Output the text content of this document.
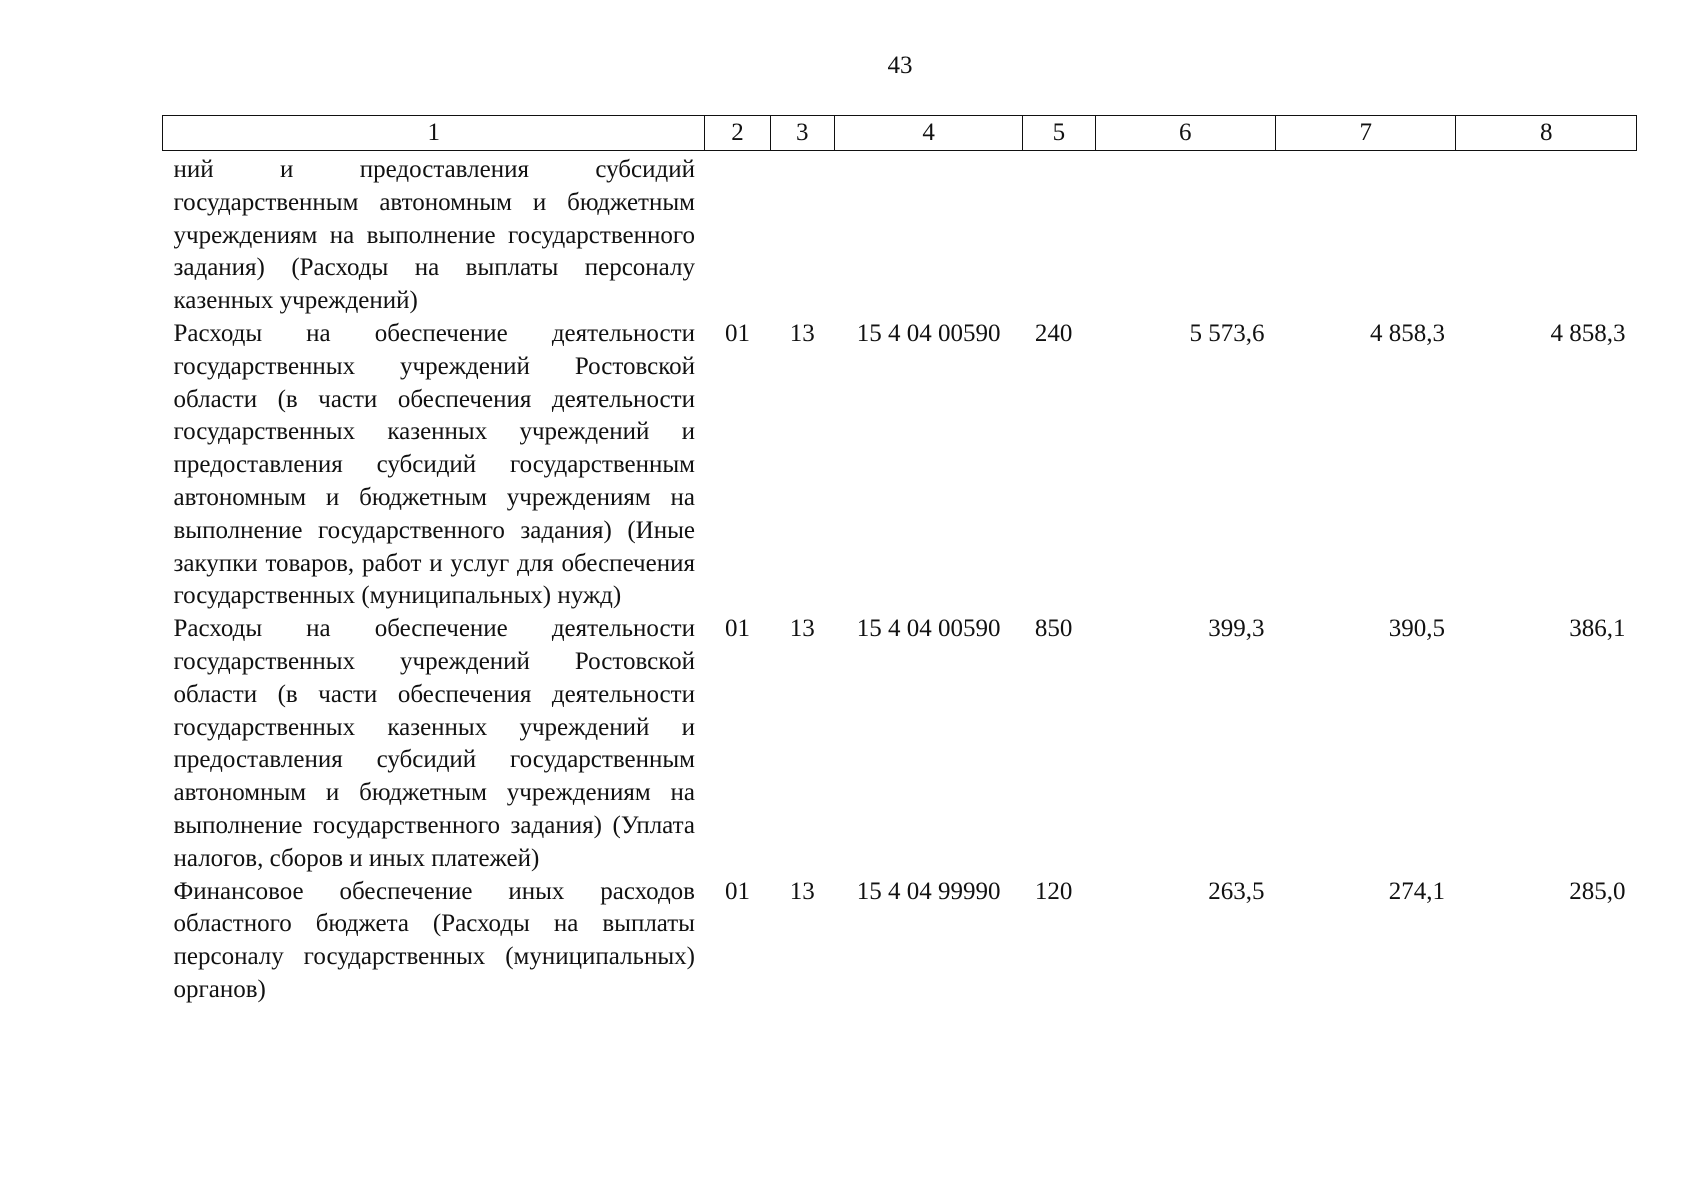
43
1	2	3	4	5	6	7	8
ний и предоставления субсидий государственным автономным и бюджетным учреждениям на выполнение государственного задания) (Расходы на выплаты персоналу казенных учреждений)							
Расходы на обеспечение деятельности государственных учреждений Ростовской области (в части обеспечения деятельности государственных казенных учреждений и предоставления субсидий государственным автономным и бюджетным учреждениям на выполнение государственного задания) (Иные закупки товаров, работ и услуг для обеспечения государственных (муниципальных) нужд)	01	13	15 4 04 00590	240	5 573,6	4 858,3	4 858,3
Расходы на обеспечение деятельности государственных учреждений Ростовской области (в части обеспечения деятельности государственных казенных учреждений и предоставления субсидий государственным автономным и бюджетным учреждениям на выполнение государственного задания) (Уплата налогов, сборов и иных платежей)	01	13	15 4 04 00590	850	399,3	390,5	386,1
Финансовое обеспечение иных расходов областного бюджета (Расходы на выплаты персоналу государственных (муниципальных) органов)	01	13	15 4 04 99990	120	263,5	274,1	285,0
